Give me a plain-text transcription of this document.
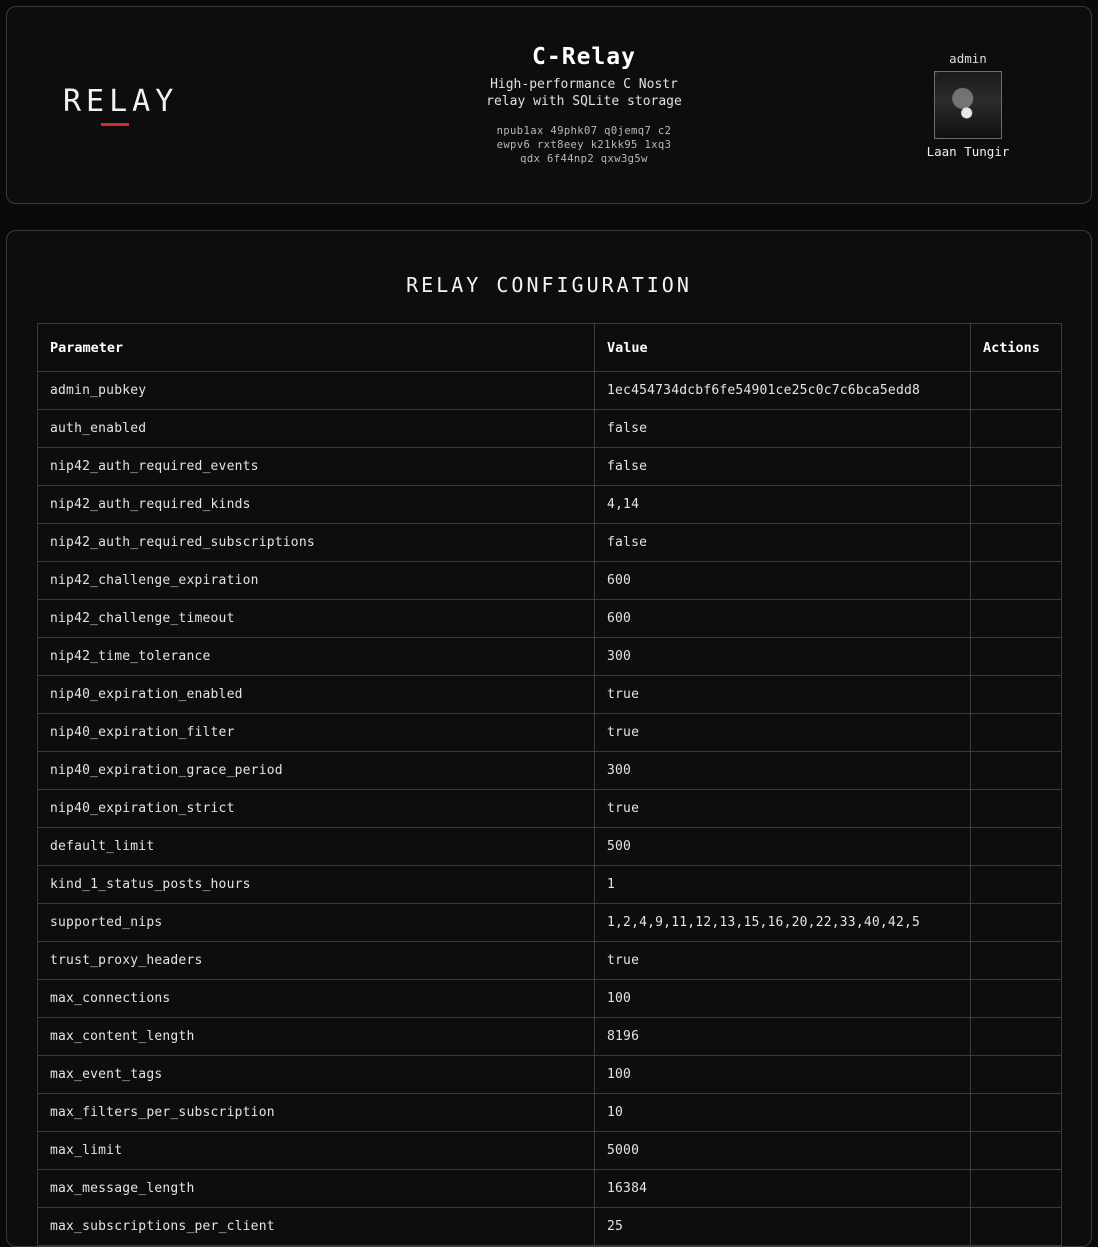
RELAY
C-Relay
High-performance C Nostr relay with SQLite storage
npub1ax 49phk07 q0jemq7 c2ewpv6 rxt8eey k21kk95 1xq3qdx 6f44np2 qxw3g5w
admin
Laan Tungir
RELAY CONFIGURATION
Parameter	Value	Actions
admin_pubkey	1ec454734dcbf6fe54901ce25c0c7c6bca5edd8	
auth_enabled	false	
nip42_auth_required_events	false	
nip42_auth_required_kinds	4,14	
nip42_auth_required_subscriptions	false	
nip42_challenge_expiration	600	
nip42_challenge_timeout	600	
nip42_time_tolerance	300	
nip40_expiration_enabled	true	
nip40_expiration_filter	true	
nip40_expiration_grace_period	300	
nip40_expiration_strict	true	
default_limit	500	
kind_1_status_posts_hours	1	
supported_nips	1,2,4,9,11,12,13,15,16,20,22,33,40,42,5	
trust_proxy_headers	true	
max_connections	100	
max_content_length	8196	
max_event_tags	100	
max_filters_per_subscription	10	
max_limit	5000	
max_message_length	16384	
max_subscriptions_per_client	25	
